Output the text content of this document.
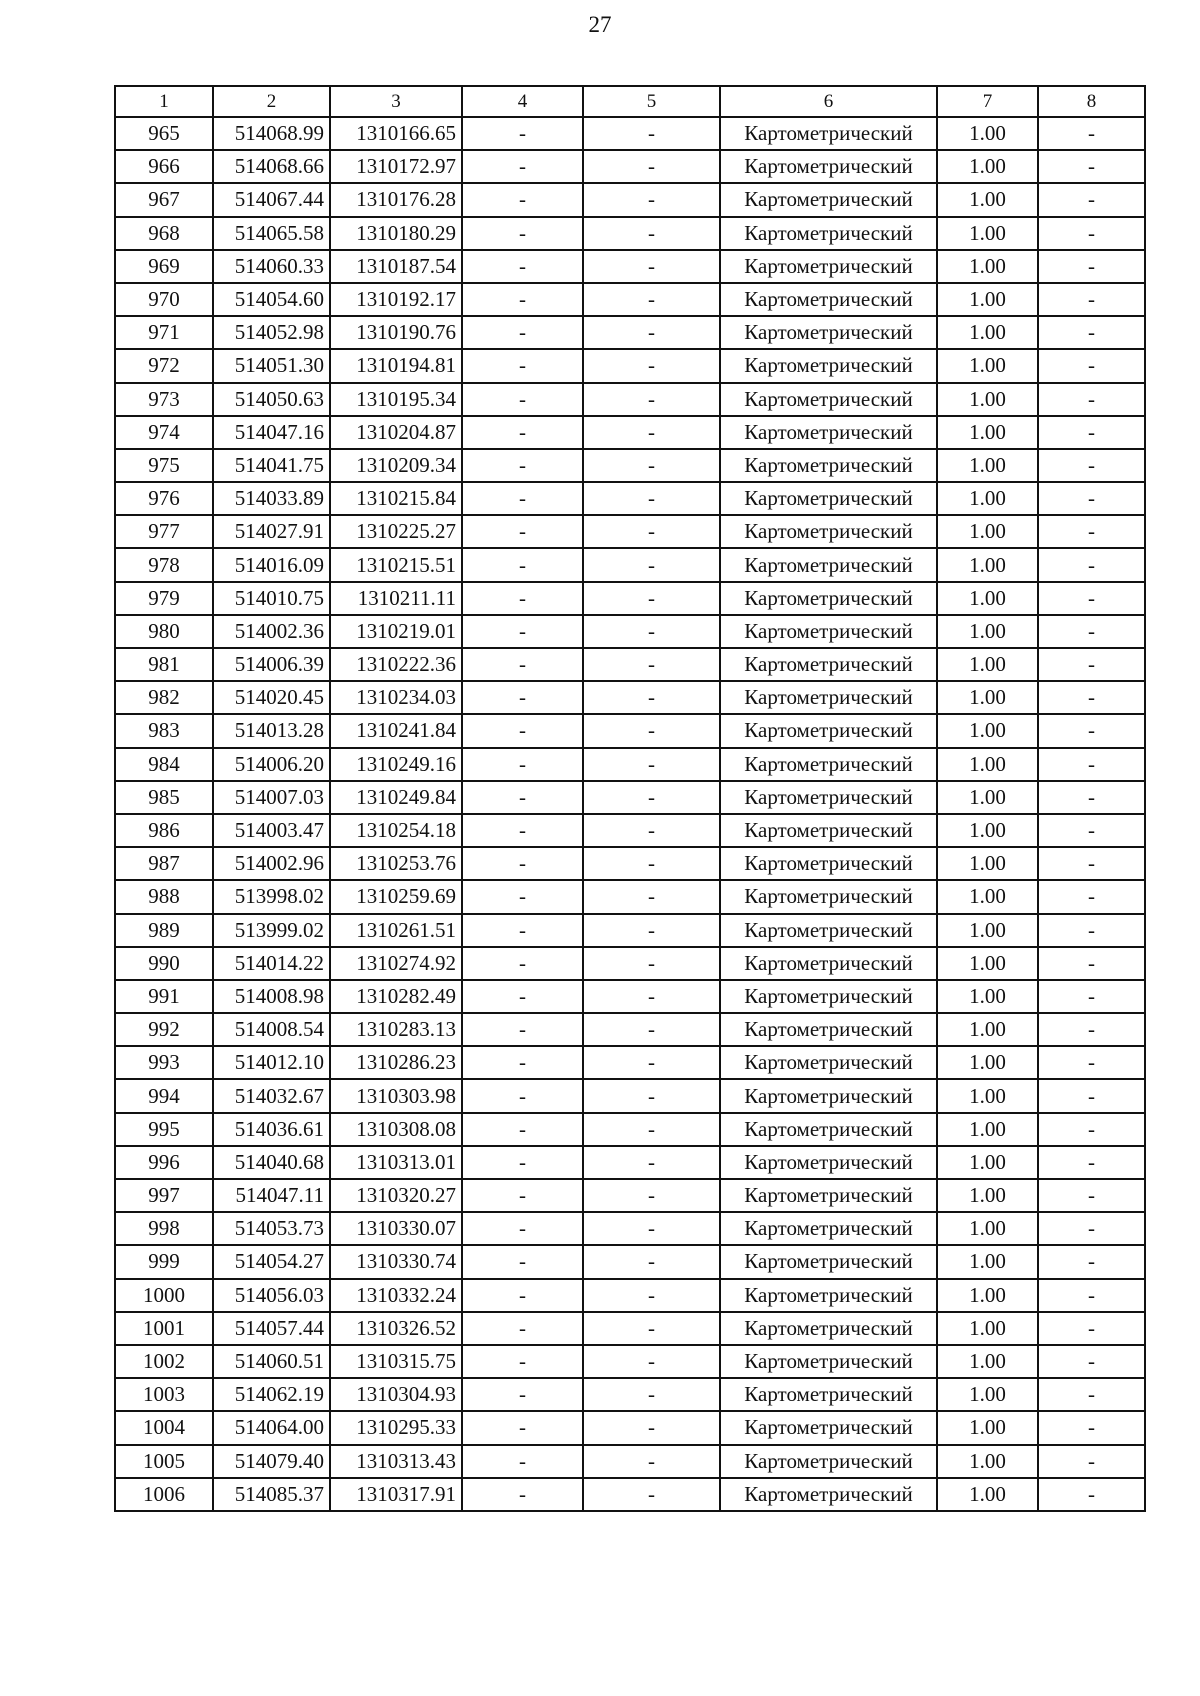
27
1	2	3	4	5	6	7	8
965	514068.99	1310166.65	-	-	Картометрический	1.00	-
966	514068.66	1310172.97	-	-	Картометрический	1.00	-
967	514067.44	1310176.28	-	-	Картометрический	1.00	-
968	514065.58	1310180.29	-	-	Картометрический	1.00	-
969	514060.33	1310187.54	-	-	Картометрический	1.00	-
970	514054.60	1310192.17	-	-	Картометрический	1.00	-
971	514052.98	1310190.76	-	-	Картометрический	1.00	-
972	514051.30	1310194.81	-	-	Картометрический	1.00	-
973	514050.63	1310195.34	-	-	Картометрический	1.00	-
974	514047.16	1310204.87	-	-	Картометрический	1.00	-
975	514041.75	1310209.34	-	-	Картометрический	1.00	-
976	514033.89	1310215.84	-	-	Картометрический	1.00	-
977	514027.91	1310225.27	-	-	Картометрический	1.00	-
978	514016.09	1310215.51	-	-	Картометрический	1.00	-
979	514010.75	1310211.11	-	-	Картометрический	1.00	-
980	514002.36	1310219.01	-	-	Картометрический	1.00	-
981	514006.39	1310222.36	-	-	Картометрический	1.00	-
982	514020.45	1310234.03	-	-	Картометрический	1.00	-
983	514013.28	1310241.84	-	-	Картометрический	1.00	-
984	514006.20	1310249.16	-	-	Картометрический	1.00	-
985	514007.03	1310249.84	-	-	Картометрический	1.00	-
986	514003.47	1310254.18	-	-	Картометрический	1.00	-
987	514002.96	1310253.76	-	-	Картометрический	1.00	-
988	513998.02	1310259.69	-	-	Картометрический	1.00	-
989	513999.02	1310261.51	-	-	Картометрический	1.00	-
990	514014.22	1310274.92	-	-	Картометрический	1.00	-
991	514008.98	1310282.49	-	-	Картометрический	1.00	-
992	514008.54	1310283.13	-	-	Картометрический	1.00	-
993	514012.10	1310286.23	-	-	Картометрический	1.00	-
994	514032.67	1310303.98	-	-	Картометрический	1.00	-
995	514036.61	1310308.08	-	-	Картометрический	1.00	-
996	514040.68	1310313.01	-	-	Картометрический	1.00	-
997	514047.11	1310320.27	-	-	Картометрический	1.00	-
998	514053.73	1310330.07	-	-	Картометрический	1.00	-
999	514054.27	1310330.74	-	-	Картометрический	1.00	-
1000	514056.03	1310332.24	-	-	Картометрический	1.00	-
1001	514057.44	1310326.52	-	-	Картометрический	1.00	-
1002	514060.51	1310315.75	-	-	Картометрический	1.00	-
1003	514062.19	1310304.93	-	-	Картометрический	1.00	-
1004	514064.00	1310295.33	-	-	Картометрический	1.00	-
1005	514079.40	1310313.43	-	-	Картометрический	1.00	-
1006	514085.37	1310317.91	-	-	Картометрический	1.00	-
